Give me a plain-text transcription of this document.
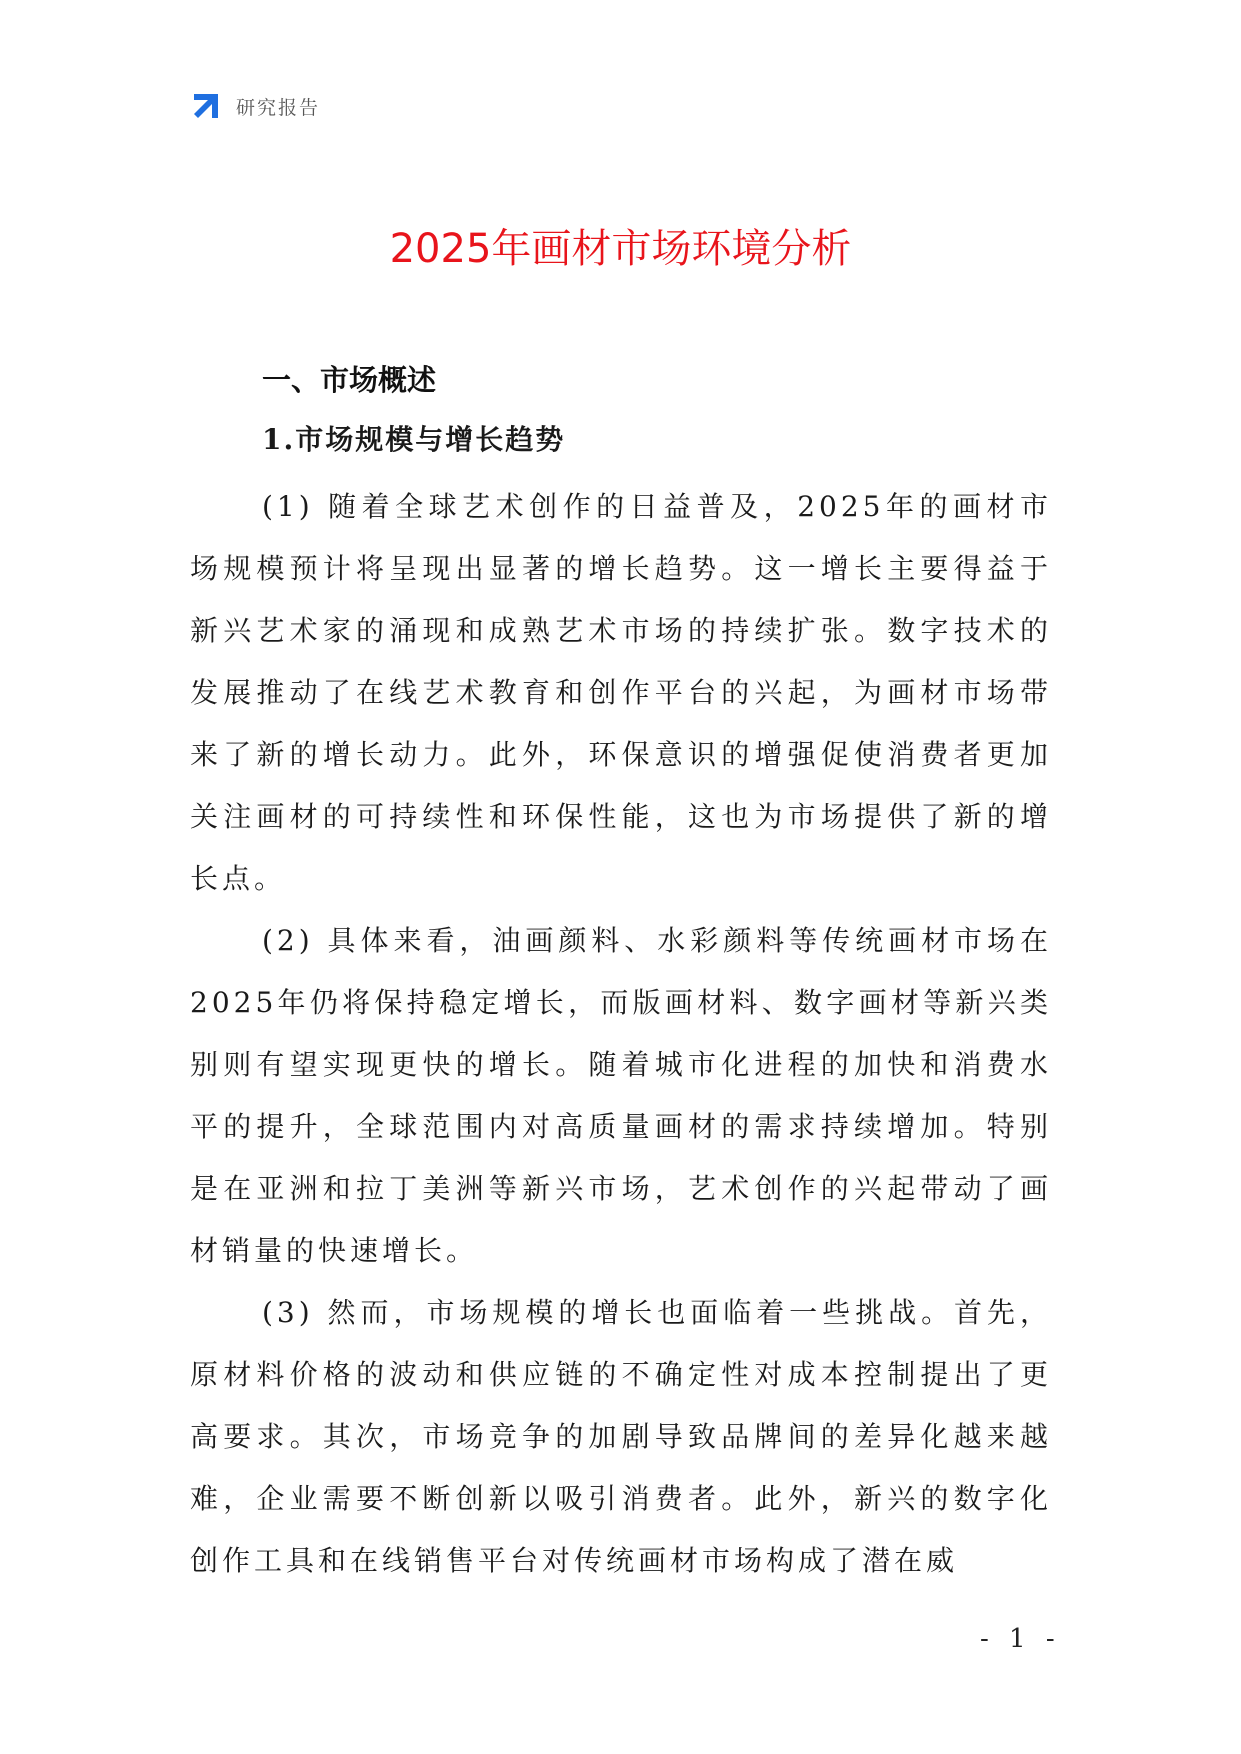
研究报告
2025年画材市场环境分析
一、市场概述
1.市场规模与增长趋势

(1) 随着全球艺术创作的日益普及，2025年的画材市场规模预计将呈现出显著的增长趋势。这一增长主要得益于新兴艺术家的涌现和成熟艺术市场的持续扩张。数字技术的发展推动了在线艺术教育和创作平台的兴起，为画材市场带来了新的增长动力。此外，环保意识的增强促使消费者更加关注画材的可持续性和环保性能，这也为市场提供了新的增长点。

(2) 具体来看，油画颜料、水彩颜料等传统画材市场在2025年仍将保持稳定增长，而版画材料、数字画材等新兴类别则有望实现更快的增长。随着城市化进程的加快和消费水平的提升，全球范围内对高质量画材的需求持续增加。特别是在亚洲和拉丁美洲等新兴市场，艺术创作的兴起带动了画材销量的快速增长。

(3) 然而，市场规模的增长也面临着一些挑战。首先，原材料价格的波动和供应链的不确定性对成本控制提出了更高要求。其次，市场竞争的加剧导致品牌间的差异化越来越难，企业需要不断创新以吸引消费者。此外，新兴的数字化创作工具和在线销售平台对传统画材市场构成了潜在威

- 1 -
